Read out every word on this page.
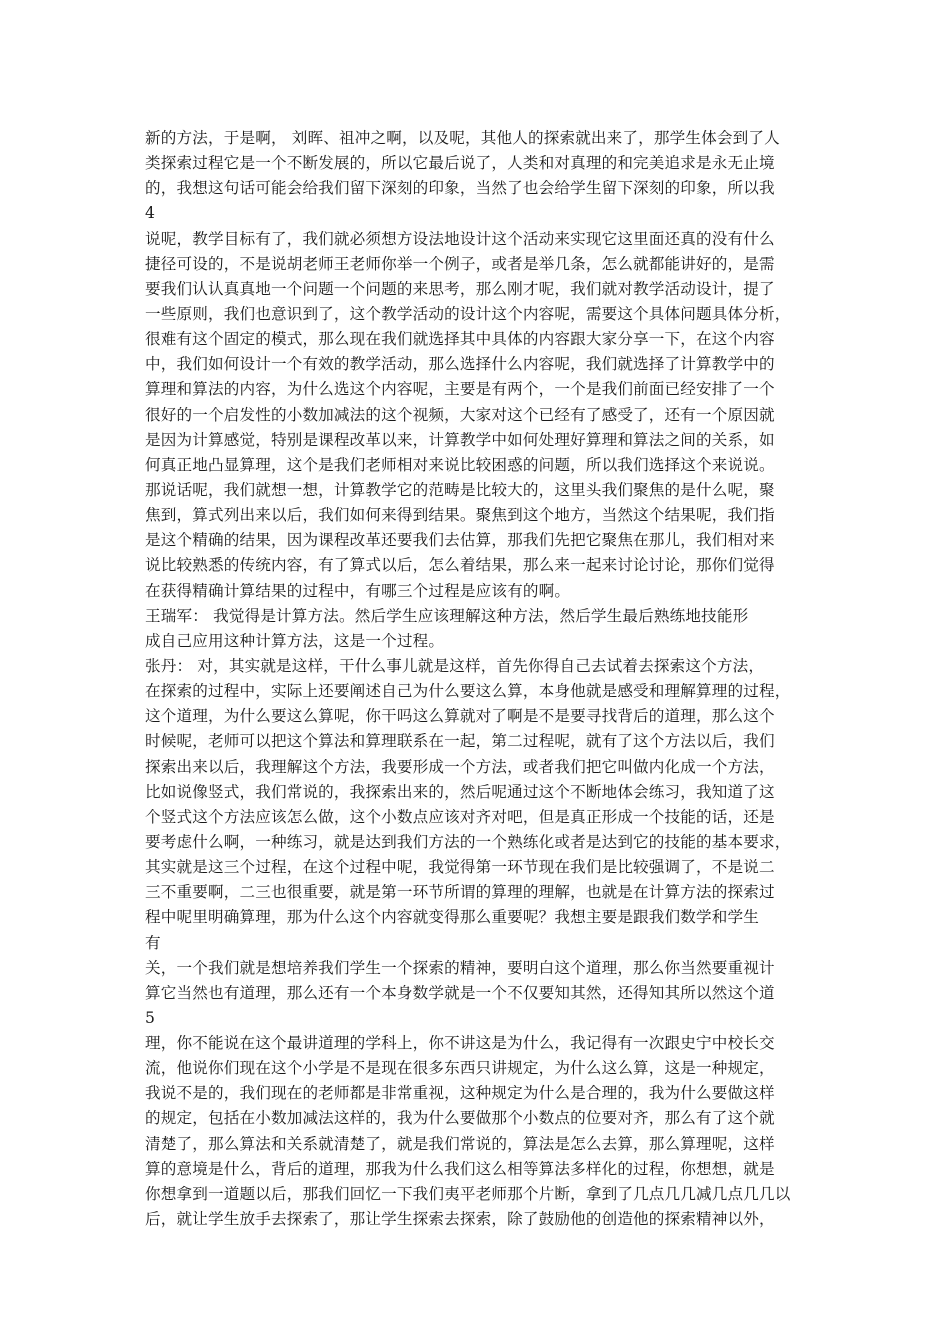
新的方法，于是啊， 刘晖、祖冲之啊，以及呢，其他人的探索就出来了，那学生体会到了人
类探索过程它是一个不断发展的，所以它最后说了，人类和对真理的和完美追求是永无止境
的，我想这句话可能会给我们留下深刻的印象，当然了也会给学生留下深刻的印象，所以我
4
说呢，教学目标有了，我们就必须想方设法地设计这个活动来实现它这里面还真的没有什么
捷径可设的，不是说胡老师王老师你举一个例子，或者是举几条，怎么就都能讲好的，是需
要我们认认真真地一个问题一个问题的来思考，那么刚才呢，我们就对教学活动设计，提了
一些原则，我们也意识到了，这个教学活动的设计这个内容呢，需要这个具体问题具体分析，
很难有这个固定的模式，那么现在我们就选择其中具体的内容跟大家分享一下，在这个内容
中，我们如何设计一个有效的教学活动，那么选择什么内容呢，我们就选择了计算教学中的
算理和算法的内容，为什么选这个内容呢，主要是有两个，一个是我们前面已经安排了一个
很好的一个启发性的小数加减法的这个视频，大家对这个已经有了感受了，还有一个原因就
是因为计算感觉，特别是课程改革以来，计算教学中如何处理好算理和算法之间的关系，如
何真正地凸显算理，这个是我们老师相对来说比较困惑的问题，所以我们选择这个来说说。
那说话呢，我们就想一想，计算教学它的范畴是比较大的，这里头我们聚焦的是什么呢，聚
焦到，算式列出来以后，我们如何来得到结果。聚焦到这个地方，当然这个结果呢，我们指
是这个精确的结果，因为课程改革还要我们去估算，那我们先把它聚焦在那儿，我们相对来
说比较熟悉的传统内容，有了算式以后，怎么着结果，那么来一起来讨论讨论，那你们觉得
在获得精确计算结果的过程中，有哪三个过程是应该有的啊。
王瑞军： 我觉得是计算方法。然后学生应该理解这种方法，然后学生最后熟练地技能形
成自己应用这种计算方法，这是一个过程。
张丹： 对，其实就是这样，干什么事儿就是这样，首先你得自己去试着去探索这个方法，
在探索的过程中，实际上还要阐述自己为什么要这么算，本身他就是感受和理解算理的过程，
这个道理，为什么要这么算呢，你干吗这么算就对了啊是不是要寻找背后的道理，那么这个
时候呢，老师可以把这个算法和算理联系在一起，第二过程呢，就有了这个方法以后，我们
探索出来以后，我理解这个方法，我要形成一个方法，或者我们把它叫做内化成一个方法，
比如说像竖式，我们常说的，我探索出来的，然后呢通过这个不断地体会练习，我知道了这
个竖式这个方法应该怎么做，这个小数点应该对齐对吧，但是真正形成一个技能的话，还是
要考虑什么啊，一种练习，就是达到我们方法的一个熟练化或者是达到它的技能的基本要求，
其实就是这三个过程，在这个过程中呢，我觉得第一环节现在我们是比较强调了，不是说二
三不重要啊，二三也很重要，就是第一环节所谓的算理的理解，也就是在计算方法的探索过
程中呢里明确算理，那为什么这个内容就变得那么重要呢？我想主要是跟我们数学和学生
有
关，一个我们就是想培养我们学生一个探索的精神，要明白这个道理，那么你当然要重视计
算它当然也有道理，那么还有一个本身数学就是一个不仅要知其然，还得知其所以然这个道
5
理，你不能说在这个最讲道理的学科上，你不讲这是为什么，我记得有一次跟史宁中校长交
流，他说你们现在这个小学是不是现在很多东西只讲规定，为什么这么算，这是一种规定，
我说不是的，我们现在的老师都是非常重视，这种规定为什么是合理的，我为什么要做这样
的规定，包括在小数加减法这样的，我为什么要做那个小数点的位要对齐，那么有了这个就
清楚了，那么算法和关系就清楚了，就是我们常说的，算法是怎么去算，那么算理呢，这样
算的意境是什么，背后的道理，那我为什么我们这么相等算法多样化的过程，你想想，就是
你想拿到一道题以后，那我们回忆一下我们夷平老师那个片断，拿到了几点几几减几点几几以
后，就让学生放手去探索了，那让学生探索去探索，除了鼓励他的创造他的探索精神以外，
